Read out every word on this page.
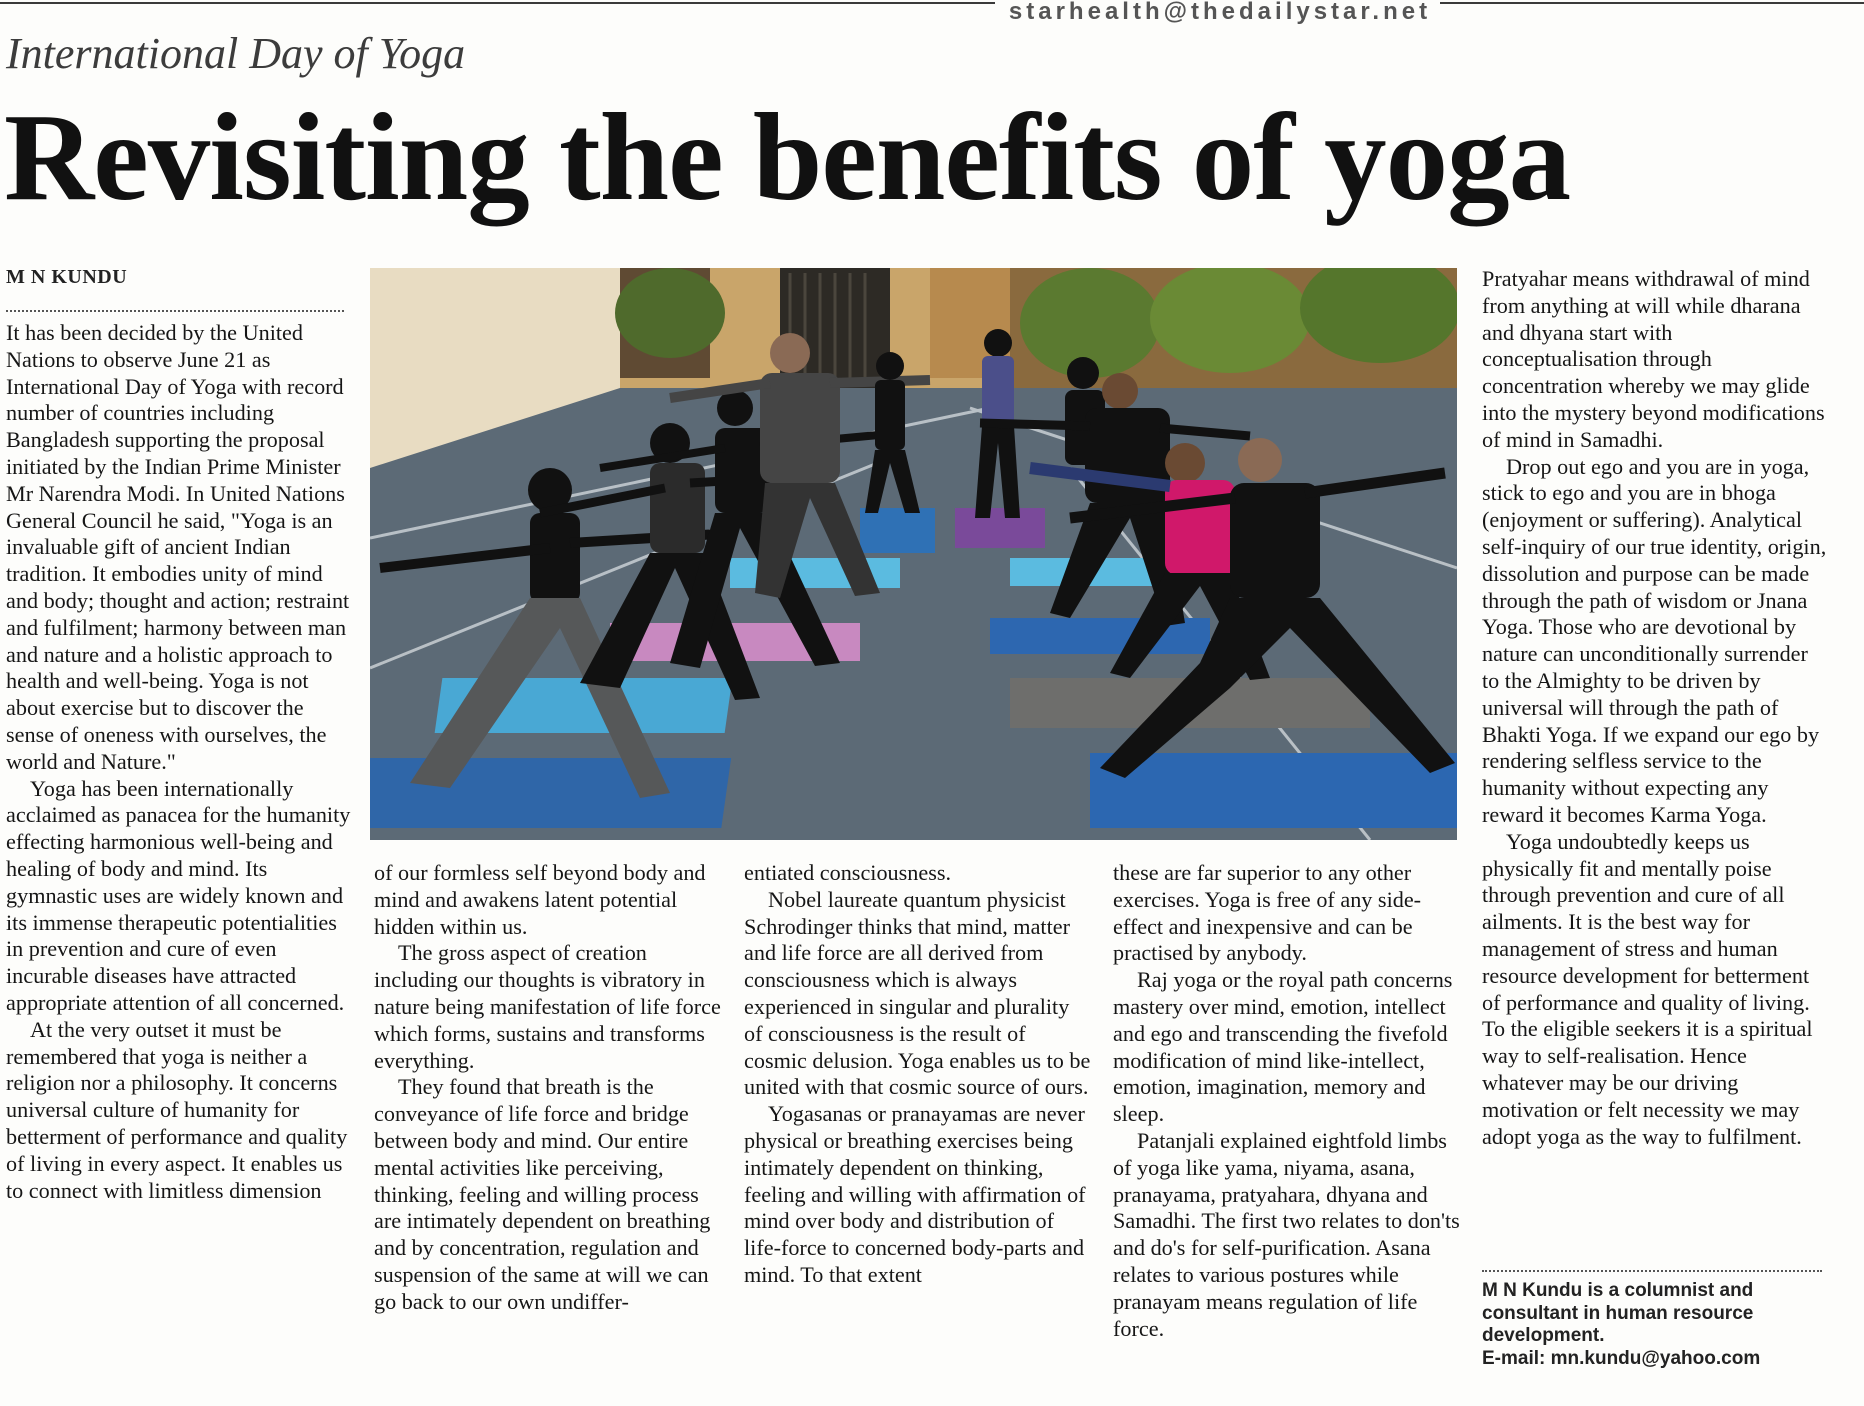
starhealth@thedailystar.net
International Day of Yoga
Revisiting the benefits of yoga
M N KUNDU

It has been decided by the United Nations to observe June 21 as International Day of Yoga with record number of countries including Bangladesh supporting the proposal initiated by the Indian Prime Minister Mr Narendra Modi. In United Nations General Council he said, "Yoga is an invaluable gift of ancient Indian tradition. It embodies unity of mind and body; thought and action; restraint and fulfilment; harmony between man and nature and a holistic approach to health and well-being. Yoga is not about exercise but to discover the sense of oneness with ourselves, the world and Nature."

Yoga has been internationally acclaimed as panacea for the humanity effecting harmonious well-being and healing of body and mind. Its gymnastic uses are widely known and its immense therapeutic potentialities in prevention and cure of even incurable diseases have attracted appropriate attention of all concerned.

At the very outset it must be remembered that yoga is neither a religion nor a philosophy. It concerns universal culture of humanity for betterment of performance and quality of living in every aspect. It enables us to connect with limitless dimension

of our formless self beyond body and mind and awakens latent potential hidden within us.

The gross aspect of creation including our thoughts is vibratory in nature being manifestation of life force which forms, sustains and transforms everything.

They found that breath is the conveyance of life force and bridge between body and mind. Our entire mental activities like perceiving, thinking, feeling and willing process are intimately dependent on breathing and by concentration, regulation and suspension of the same at will we can go back to our own undiffer-

entiated consciousness.

Nobel laureate quantum physicist Schrodinger thinks that mind, matter and life force are all derived from consciousness which is always experienced in singular and plurality of consciousness is the result of cosmic delusion. Yoga enables us to be united with that cosmic source of ours.

Yogasanas or pranayamas are never physical or breathing exercises being intimately dependent on thinking, feeling and willing with affirmation of mind over body and distribution of life-force to concerned body-parts and mind. To that extent

these are far superior to any other exercises. Yoga is free of any side-effect and inexpensive and can be practised by anybody.

Raj yoga or the royal path concerns mastery over mind, emotion, intellect and ego and transcending the fivefold modification of mind like-intellect, emotion, imagination, memory and sleep.

Patanjali explained eightfold limbs of yoga like yama, niyama, asana, pranayama, pratyahara, dhyana and Samadhi. The first two relates to don'ts and do's for self-purification. Asana relates to various postures while pranayam means regulation of life force.

Pratyahar means withdrawal of mind from anything at will while dharana and dhyana start with conceptualisation through concentration whereby we may glide into the mystery beyond modifications of mind in Samadhi.

Drop out ego and you are in yoga, stick to ego and you are in bhoga (enjoyment or suffering). Analytical self-inquiry of our true identity, origin, dissolution and purpose can be made through the path of wisdom or Jnana Yoga. Those who are devotional by nature can unconditionally surrender to the Almighty to be driven by universal will through the path of Bhakti Yoga. If we expand our ego by rendering selfless service to the humanity without expecting any reward it becomes Karma Yoga.

Yoga undoubtedly keeps us physically fit and mentally poise through prevention and cure of all ailments. It is the best way for management of stress and human resource development for betterment of performance and quality of living. To the eligible seekers it is a spiritual way to self-realisation. Hence whatever may be our driving motivation or felt necessity we may adopt yoga as the way to fulfilment.

M N Kundu is a columnist and consultant in human resource development.
E-mail: mn.kundu@yahoo.com
